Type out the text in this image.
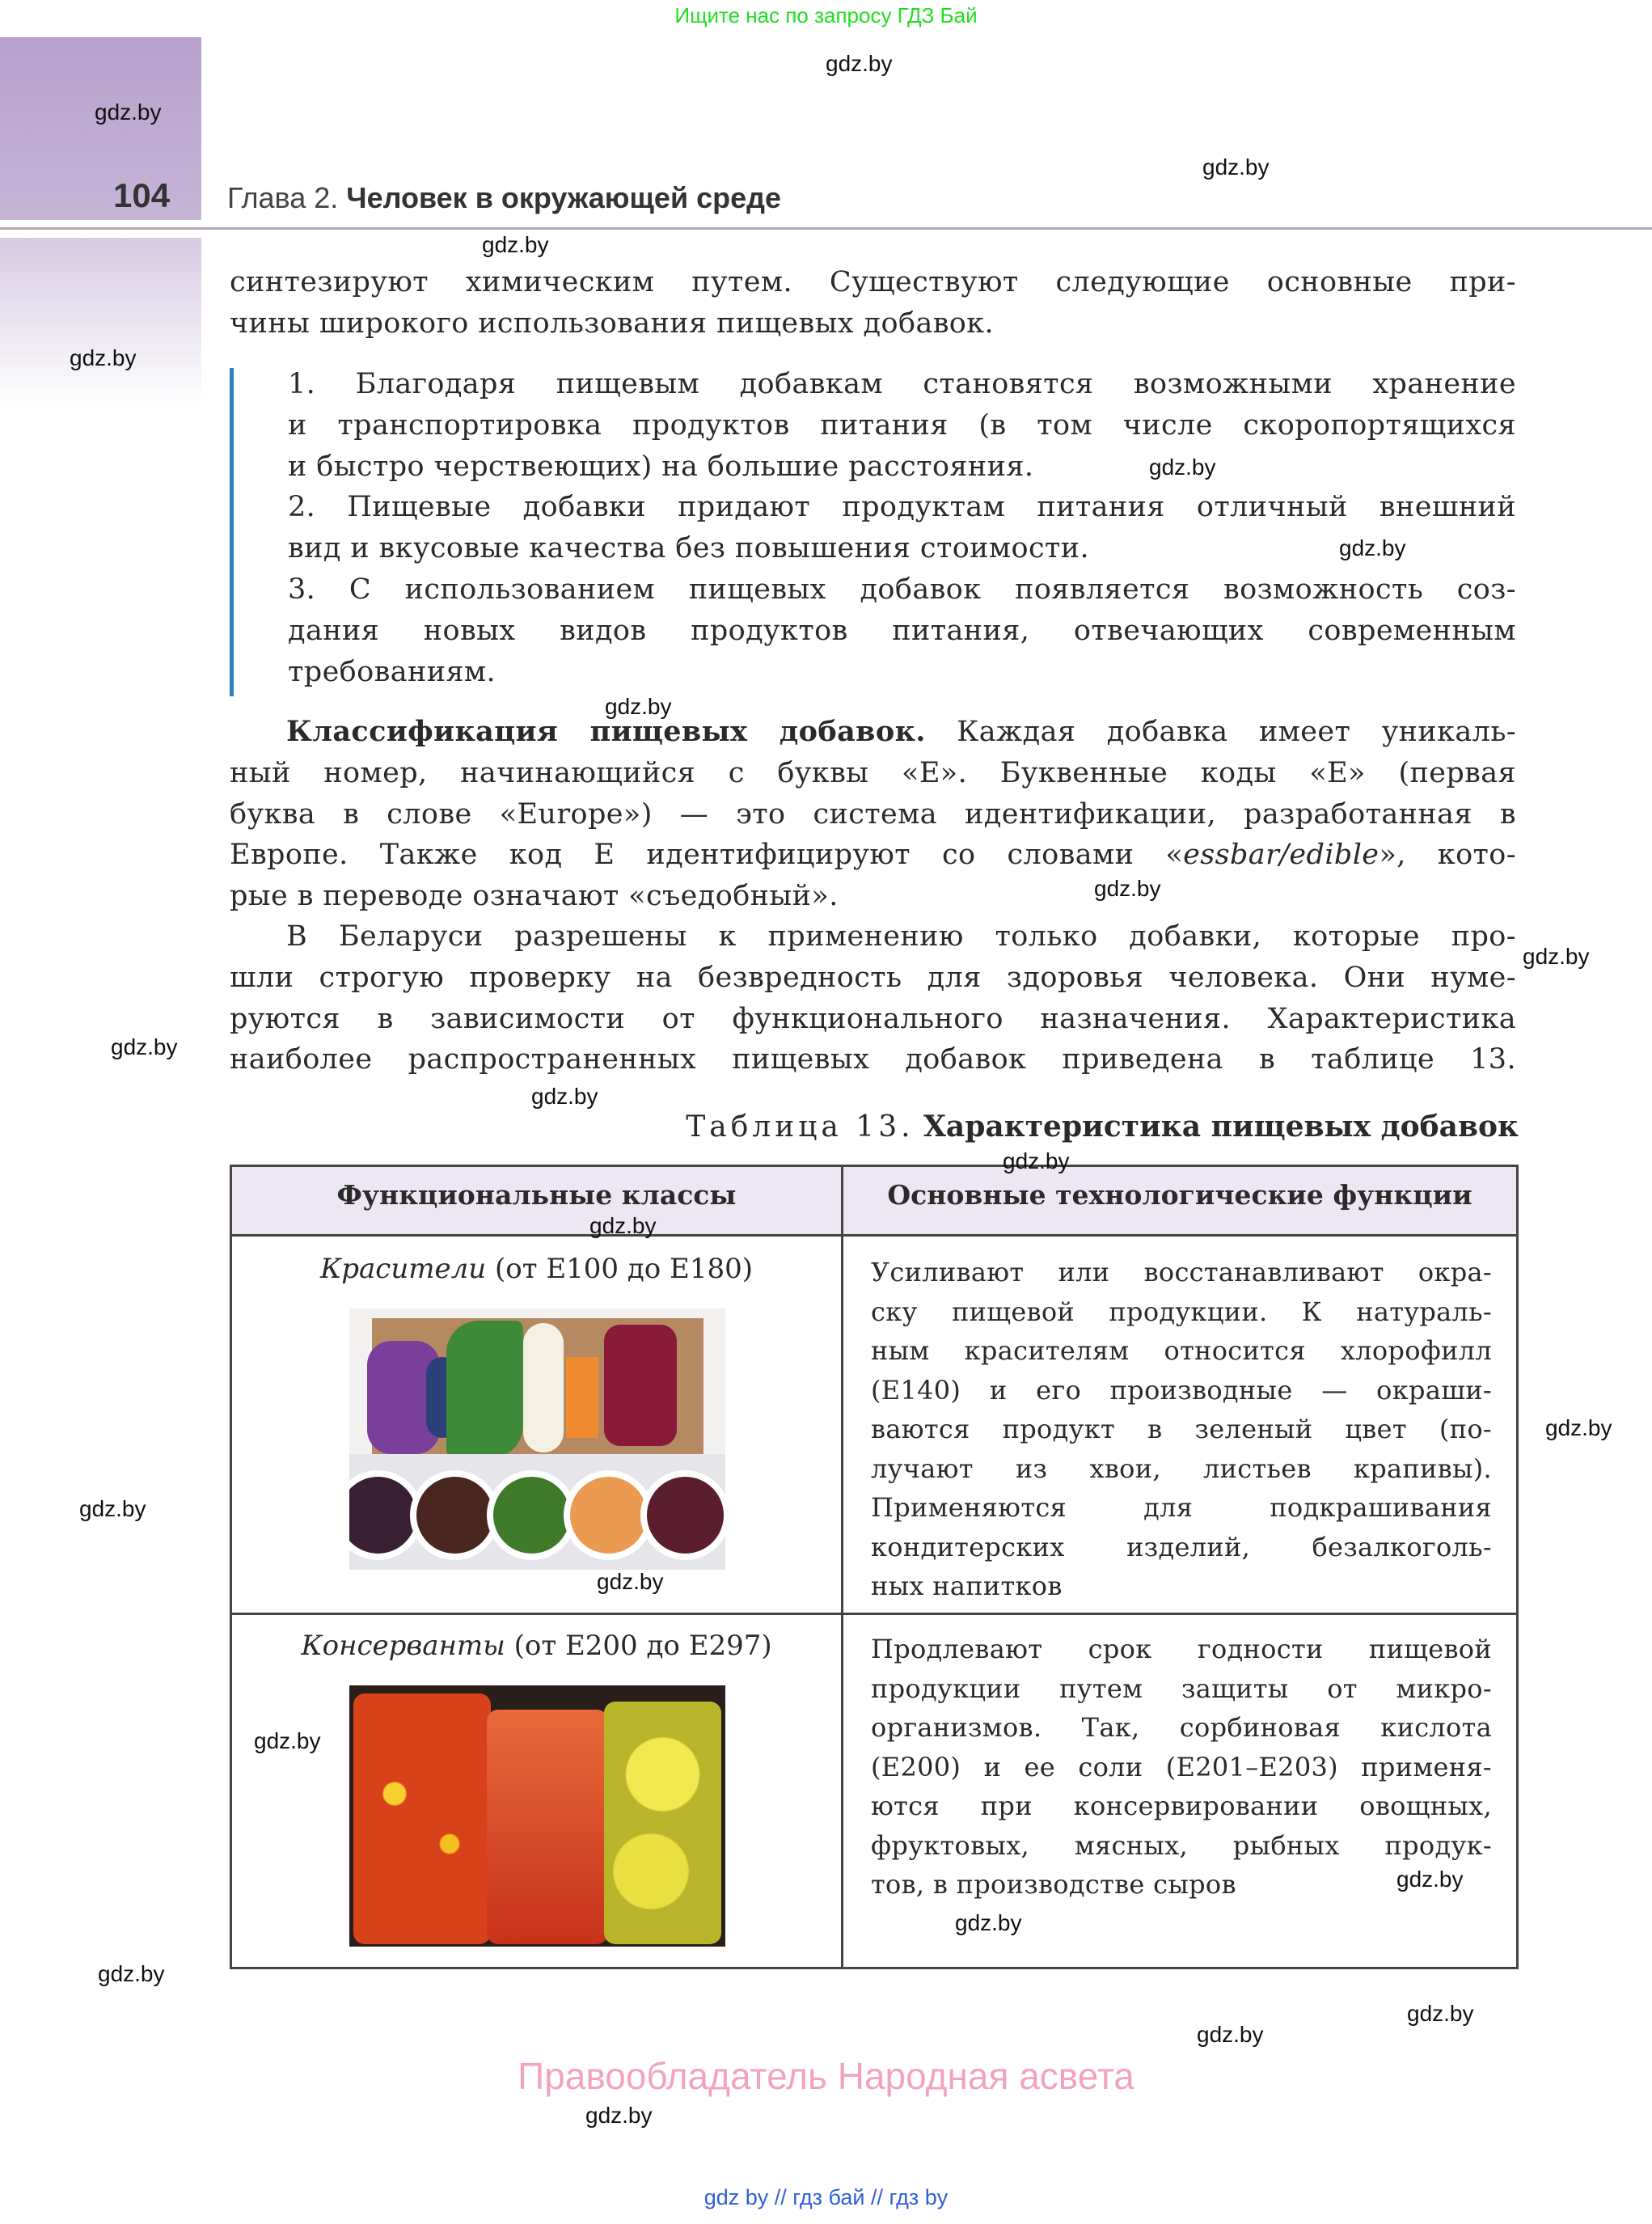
Ищите нас по запросу ГДЗ Бай
104 Глава 2. Человек в окружающей среде
синтезируют химическим путем. Существуют следующие основные при-
чины широкого использования пищевых добавок.
1. Благодаря пищевым добавкам становятся возможными хранение
и транспортировка продуктов питания (в том числе скоропортящихся
и быстро черствеющих) на большие расстояния.
2. Пищевые добавки придают продуктам питания отличный внешний
вид и вкусовые качества без повышения стоимости.
3. С использованием пищевых добавок появляется возможность соз-
дания новых видов продуктов питания, отвечающих современным
требованиям.
Классификация пищевых добавок. Каждая добавка имеет уникаль-
ный номер, начинающийся с буквы «Е». Буквенные коды «Е» (первая
буква в слове «Europe») — это система идентификации, разработанная в
Европе. Также код Е идентифицируют со словами «essbar/edible», кото-
рые в переводе означают «съедобный».
В Беларуси разрешены к применению только добавки, которые про-
шли строгую проверку на безвредность для здоровья человека. Они нуме-
руются в зависимости от функционального назначения. Характеристика
наиболее распространенных пищевых добавок приведена в таблице 13.
Таблица 13. Характеристика пищевых добавок
Функциональные классы	Основные технологические функции
Красители (от Е100 до Е180)	Усиливают или восстанавливают окра-
ску пищевой продукции. К натураль-
ным красителям относится хлорофилл
(Е140) и его производные — окраши-
ваются продукт в зеленый цвет (по-
лучают из хвои, листьев крапивы).
Применяются для подкрашивания
кондитерских изделий, безалкоголь-
ных напитков
Консерванты (от Е200 до Е297)	Продлевают срок годности пищевой
продукции путем защиты от микро-
организмов. Так, сорбиновая кислота
(Е200) и ее соли (Е201–Е203) применя-
ются при консервировании овощных,
фруктовых, мясных, рыбных продук-
тов, в производстве сыров
gdz.by
gdz.by
gdz.by
gdz.by
gdz.by
gdz.by
gdz.by
gdz.by
gdz.by
gdz.by
gdz.by
gdz.by
gdz.by
gdz.by
gdz.by
gdz.by
gdz.by
gdz.by
gdz.by
gdz.by
gdz.by
gdz.by
gdz.by
gdz.by
Правообладатель Народная асвета
gdz by // гдз бай // гдз by
